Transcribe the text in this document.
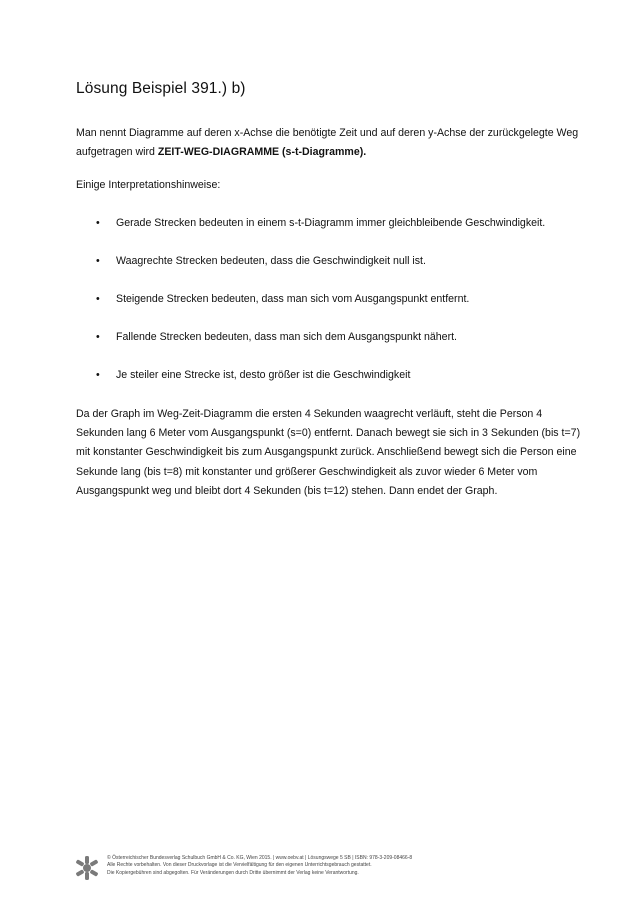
Lösung Beispiel 391.) b)

Man nennt Diagramme auf deren x-Achse die benötigte Zeit und auf deren y-Achse der zurückgelegte Weg aufgetragen wird ZEIT-WEG-DIAGRAMME (s-t-Diagramme).

Einige Interpretationshinweise:

• Gerade Strecken bedeuten in einem s-t-Diagramm immer gleichbleibende Geschwindigkeit.
• Waagrechte Strecken bedeuten, dass die Geschwindigkeit null ist.
• Steigende Strecken bedeuten, dass man sich vom Ausgangspunkt entfernt.
• Fallende Strecken bedeuten, dass man sich dem Ausgangspunkt nähert.
• Je steiler eine Strecke ist, desto größer ist die Geschwindigkeit

Da der Graph im Weg-Zeit-Diagramm die ersten 4 Sekunden waagrecht verläuft, steht die Person 4 Sekunden lang 6 Meter vom Ausgangspunkt (s=0) entfernt. Danach bewegt sie sich in 3 Sekunden (bis t=7) mit konstanter Geschwindigkeit bis zum Ausgangspunkt zurück. Anschließend bewegt sich die Person eine Sekunde lang (bis t=8) mit konstanter und größerer Geschwindigkeit als zuvor wieder 6 Meter vom Ausgangspunkt weg und bleibt dort 4 Sekunden (bis t=12) stehen. Dann endet der Graph.

© Österreichischer Bundesverlag Schulbuch GmbH & Co. KG, Wien 2015. | www.oebv.at | Lösungswege 5 SB | ISBN: 978-3-209-08466-8
Alle Rechte vorbehalten. Von dieser Druckvorlage ist die Vervielfältigung für den eigenen Unterrichtsgebrauch gestattet.
Die Kopiergebühren sind abgegolten. Für Veränderungen durch Dritte übernimmt der Verlag keine Verantwortung.
